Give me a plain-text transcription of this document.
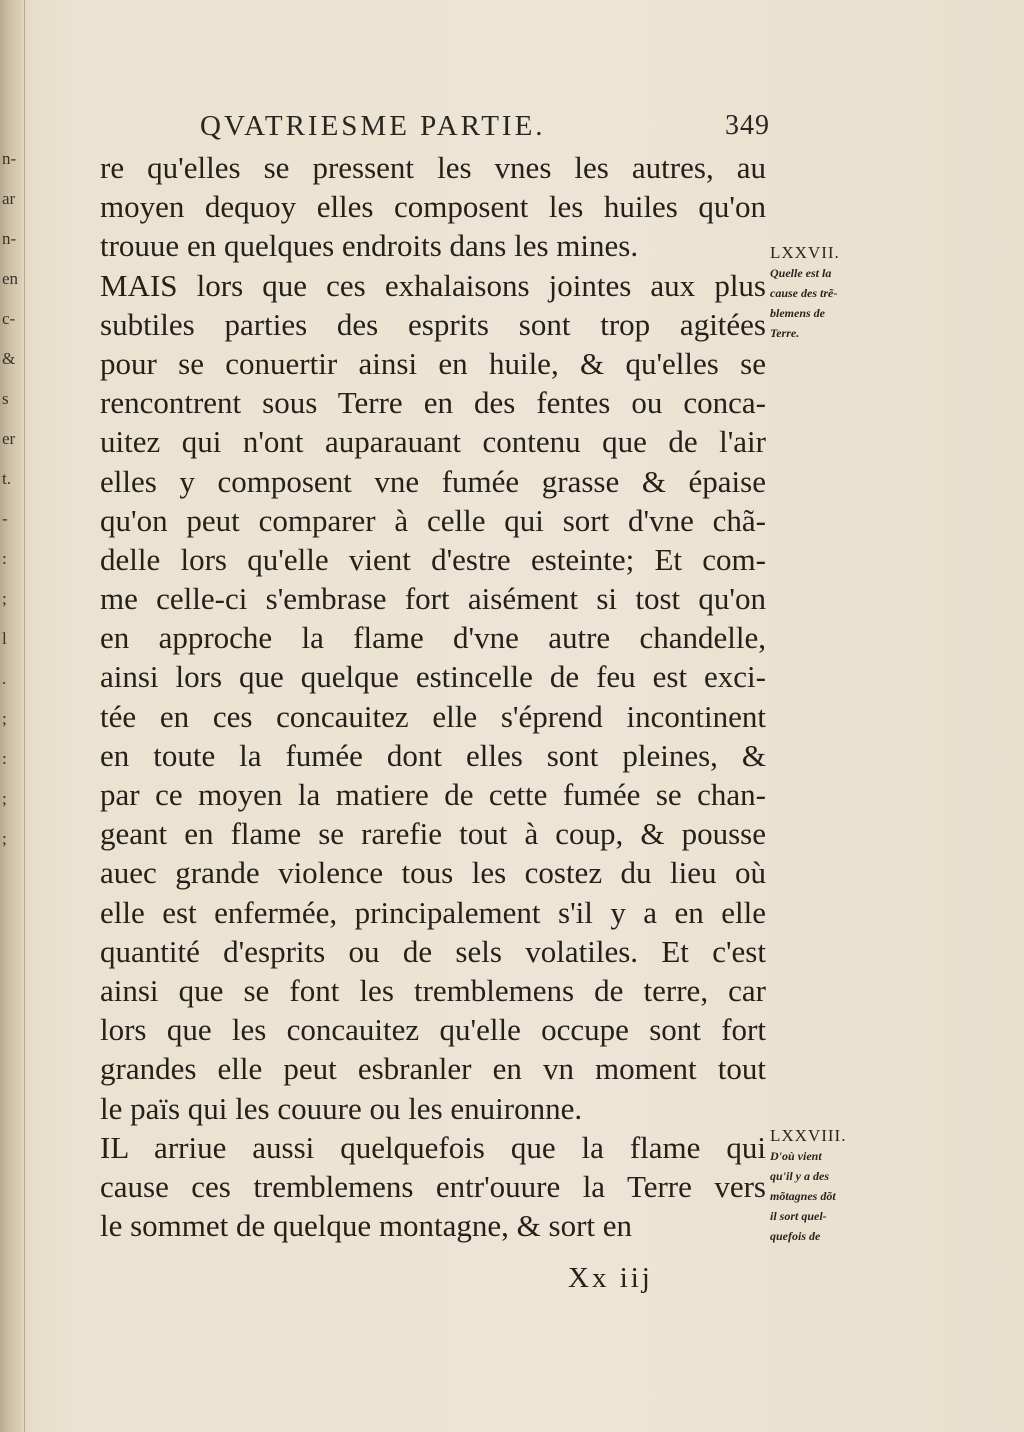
n-
ar
n-
en
c-
&
s
er
t.
-
:
;
l
.
;
:
;
;
QVATRIESME PARTIE.	349
re qu'elles se pressent les vnes les autres, au
moyen dequoy elles composent les huiles qu'on
trouue en quelques endroits dans les mines.
MAIS lors que ces exhalaisons jointes aux plus
subtiles parties des esprits sont trop agitées
pour se conuertir ainsi en huile, & qu'elles se
rencontrent sous Terre en des fentes ou conca-
uitez qui n'ont auparauant contenu que de l'air
elles y composent vne fumée grasse & épaise
qu'on peut comparer à celle qui sort d'vne chã-
delle lors qu'elle vient d'estre esteinte; Et com-
me celle-ci s'embrase fort aisément si tost qu'on
en approche la flame d'vne autre chandelle,
ainsi lors que quelque estincelle de feu est exci-
tée en ces concauitez elle s'éprend incontinent
en toute la fumée dont elles sont pleines, &
par ce moyen la matiere de cette fumée se chan-
geant en flame se rarefie tout à coup, & pousse
auec grande violence tous les costez du lieu où
elle est enfermée, principalement s'il y a en elle
quantité d'esprits ou de sels volatiles. Et c'est
ainsi que se font les tremblemens de terre, car
lors que les concauitez qu'elle occupe sont fort
grandes elle peut esbranler en vn moment tout
le païs qui les couure ou les enuironne.
IL arriue aussi quelquefois que la flame qui
cause ces tremblemens entr'ouure la Terre vers
le sommet de quelque montagne, & sort en
LXXVII.
Quelle est la
cause des trẽ-
blemens de
Terre.
LXXVIII.
D'où vient
qu'il y a des
mõtagnes dõt
il sort quel-
quefois de
Xx iij
